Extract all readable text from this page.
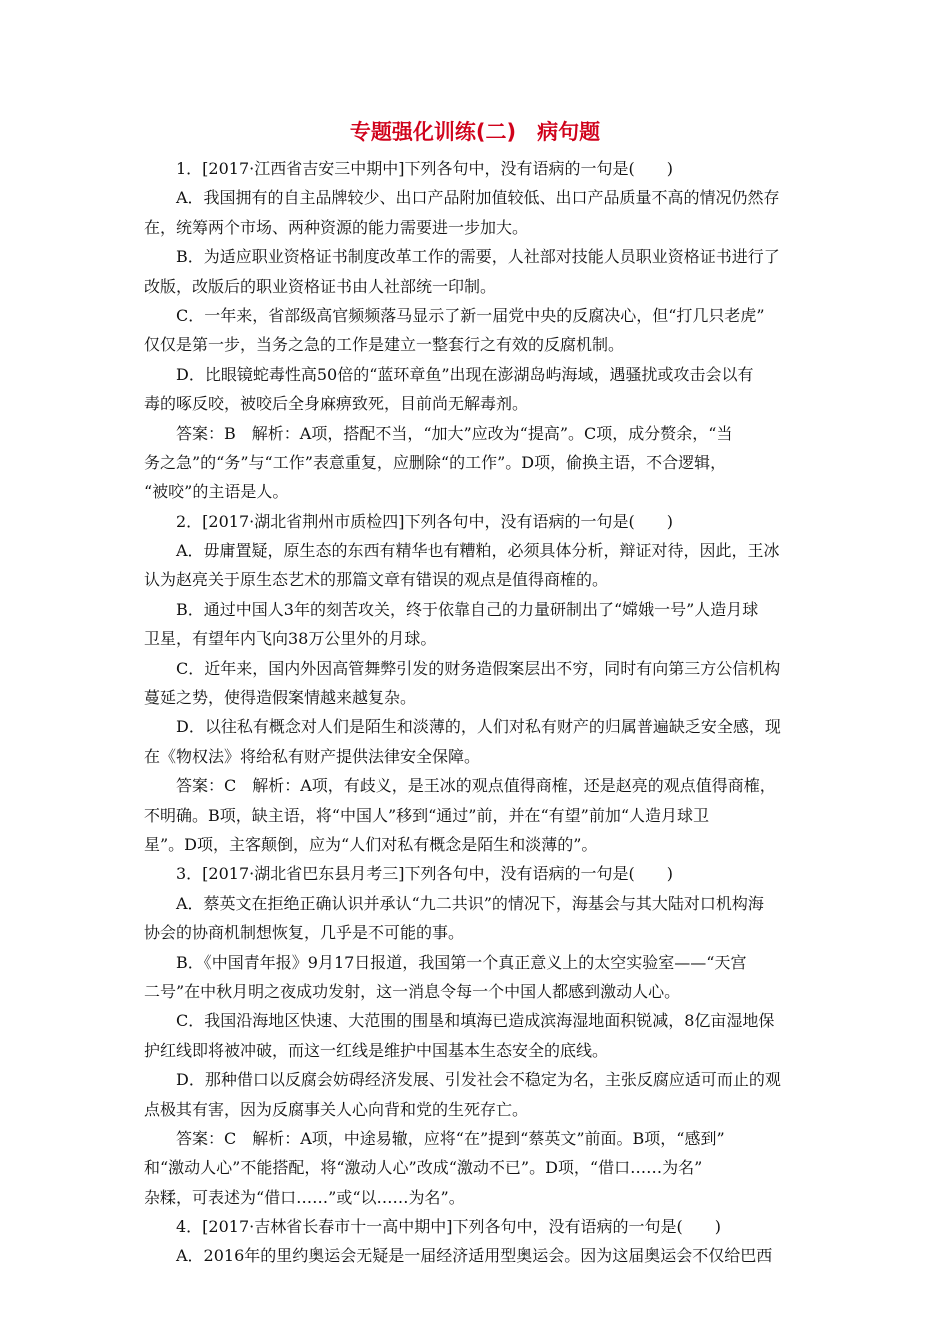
专题强化训练(二)　病句题
1．[2017·江西省吉安三中期中]下列各句中，没有语病的一句是(　　)
A．我国拥有的自主品牌较少、出口产品附加值较低、出口产品质量不高的情况仍然存
在，统筹两个市场、两种资源的能力需要进一步加大。
B．为适应职业资格证书制度改革工作的需要，人社部对技能人员职业资格证书进行了
改版，改版后的职业资格证书由人社部统一印制。
C．一年来，省部级高官频频落马显示了新一届党中央的反腐决心，但“打几只老虎”
仅仅是第一步，当务之急的工作是建立一整套行之有效的反腐机制。
D．比眼镜蛇毒性高50倍的“蓝环章鱼”出现在澎湖岛屿海域，遇骚扰或攻击会以有
毒的啄反咬，被咬后全身麻痹致死，目前尚无解毒剂。
答案：B　解析：A项，搭配不当，“加大”应改为“提高”。C项，成分赘余，“当
务之急”的“务”与“工作”表意重复，应删除“的工作”。D项，偷换主语，不合逻辑，
“被咬”的主语是人。
2．[2017·湖北省荆州市质检四]下列各句中，没有语病的一句是(　　)
A．毋庸置疑，原生态的东西有精华也有糟粕，必须具体分析，辩证对待，因此，王冰
认为赵亮关于原生态艺术的那篇文章有错误的观点是值得商榷的。
B．通过中国人3年的刻苦攻关，终于依靠自己的力量研制出了“嫦娥一号”人造月球
卫星，有望年内飞向38万公里外的月球。
C．近年来，国内外因高管舞弊引发的财务造假案层出不穷，同时有向第三方公信机构
蔓延之势，使得造假案情越来越复杂。
D．以往私有概念对人们是陌生和淡薄的，人们对私有财产的归属普遍缺乏安全感，现
在《物权法》将给私有财产提供法律安全保障。
答案：C　解析：A项，有歧义，是王冰的观点值得商榷，还是赵亮的观点值得商榷，
不明确。B项，缺主语，将“中国人”移到“通过”前，并在“有望”前加“人造月球卫
星”。D项，主客颠倒，应为“人们对私有概念是陌生和淡薄的”。
3．[2017·湖北省巴东县月考三]下列各句中，没有语病的一句是(　　)
A．蔡英文在拒绝正确认识并承认“九二共识”的情况下，海基会与其大陆对口机构海
协会的协商机制想恢复，几乎是不可能的事。
B．《中国青年报》9月17日报道，我国第一个真正意义上的太空实验室——“天宫
二号”在中秋月明之夜成功发射，这一消息令每一个中国人都感到激动人心。
C．我国沿海地区快速、大范围的围垦和填海已造成滨海湿地面积锐减，8亿亩湿地保
护红线即将被冲破，而这一红线是维护中国基本生态安全的底线。
D．那种借口以反腐会妨碍经济发展、引发社会不稳定为名，主张反腐应适可而止的观
点极其有害，因为反腐事关人心向背和党的生死存亡。
答案：C　解析：A项，中途易辙，应将“在”提到“蔡英文”前面。B项，“感到”
和“激动人心”不能搭配，将“激动人心”改成“激动不已”。D项，“借口……为名”
杂糅，可表述为“借口……”或“以……为名”。
4．[2017·吉林省长春市十一高中期中]下列各句中，没有语病的一句是(　　)
A．2016年的里约奥运会无疑是一届经济适用型奥运会。因为这届奥运会不仅给巴西
